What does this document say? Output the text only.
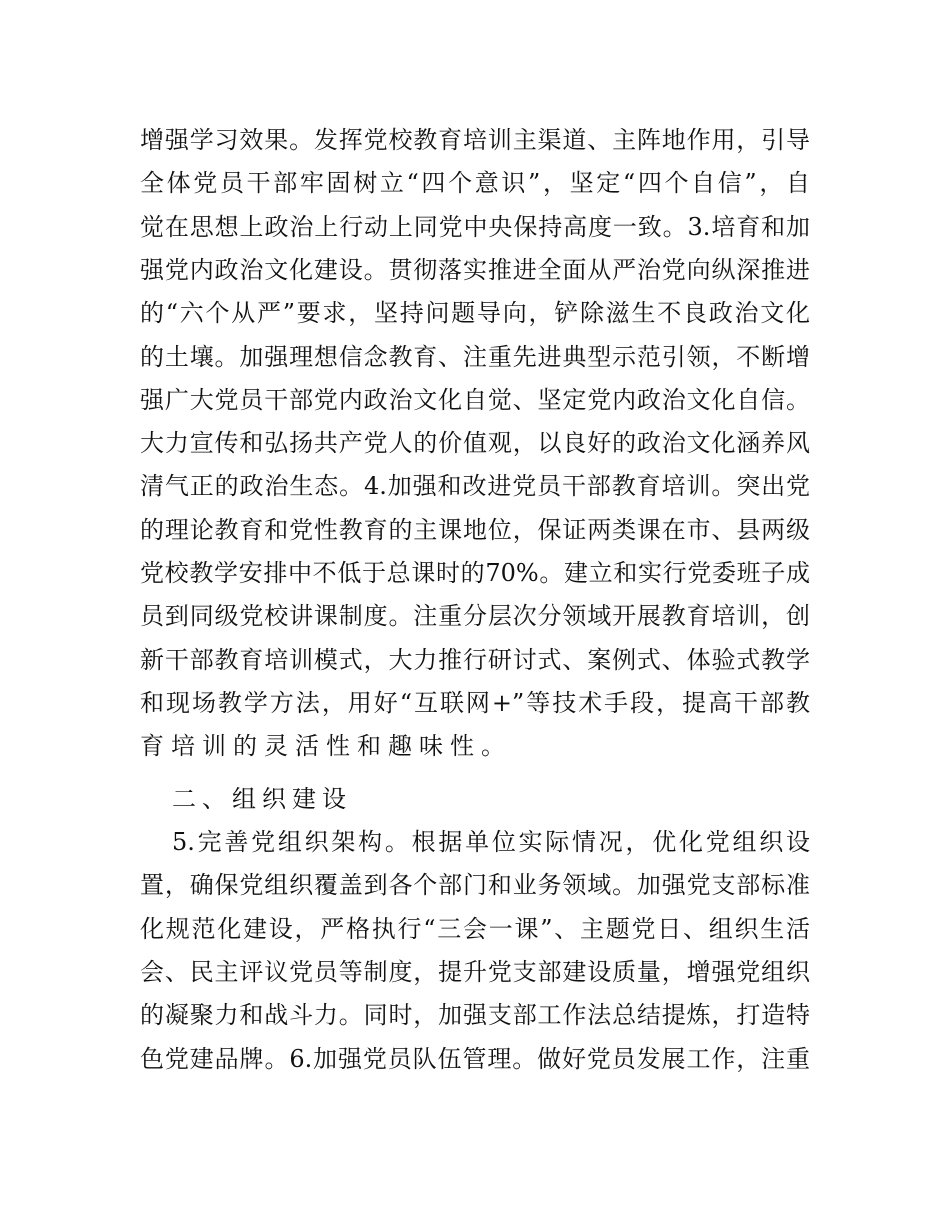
增强学习效果。发挥党校教育培训主渠道、主阵地作用，引导
全体党员干部牢固树立“四个意识”，坚定“四个自信”，自
觉在思想上政治上行动上同党中央保持高度一致。3.培育和加
强党内政治文化建设。贯彻落实推进全面从严治党向纵深推进
的“六个从严”要求，坚持问题导向，铲除滋生不良政治文化
的土壤。加强理想信念教育、注重先进典型示范引领，不断增
强广大党员干部党内政治文化自觉、坚定党内政治文化自信。
大力宣传和弘扬共产党人的价值观，以良好的政治文化涵养风
清气正的政治生态。4.加强和改进党员干部教育培训。突出党
的理论教育和党性教育的主课地位，保证两类课在市、县两级
党校教学安排中不低于总课时的70%。建立和实行党委班子成
员到同级党校讲课制度。注重分层次分领域开展教育培训，创
新干部教育培训模式，大力推行研讨式、案例式、体验式教学
和现场教学方法，用好“互联网+”等技术手段，提高干部教
育培训的灵活性和趣味性。
二、组织建设
5.完善党组织架构。根据单位实际情况，优化党组织设
置，确保党组织覆盖到各个部门和业务领域。加强党支部标准
化规范化建设，严格执行“三会一课”、主题党日、组织生活
会、民主评议党员等制度，提升党支部建设质量，增强党组织
的凝聚力和战斗力。同时，加强支部工作法总结提炼，打造特
色党建品牌。6.加强党员队伍管理。做好党员发展工作，注重
